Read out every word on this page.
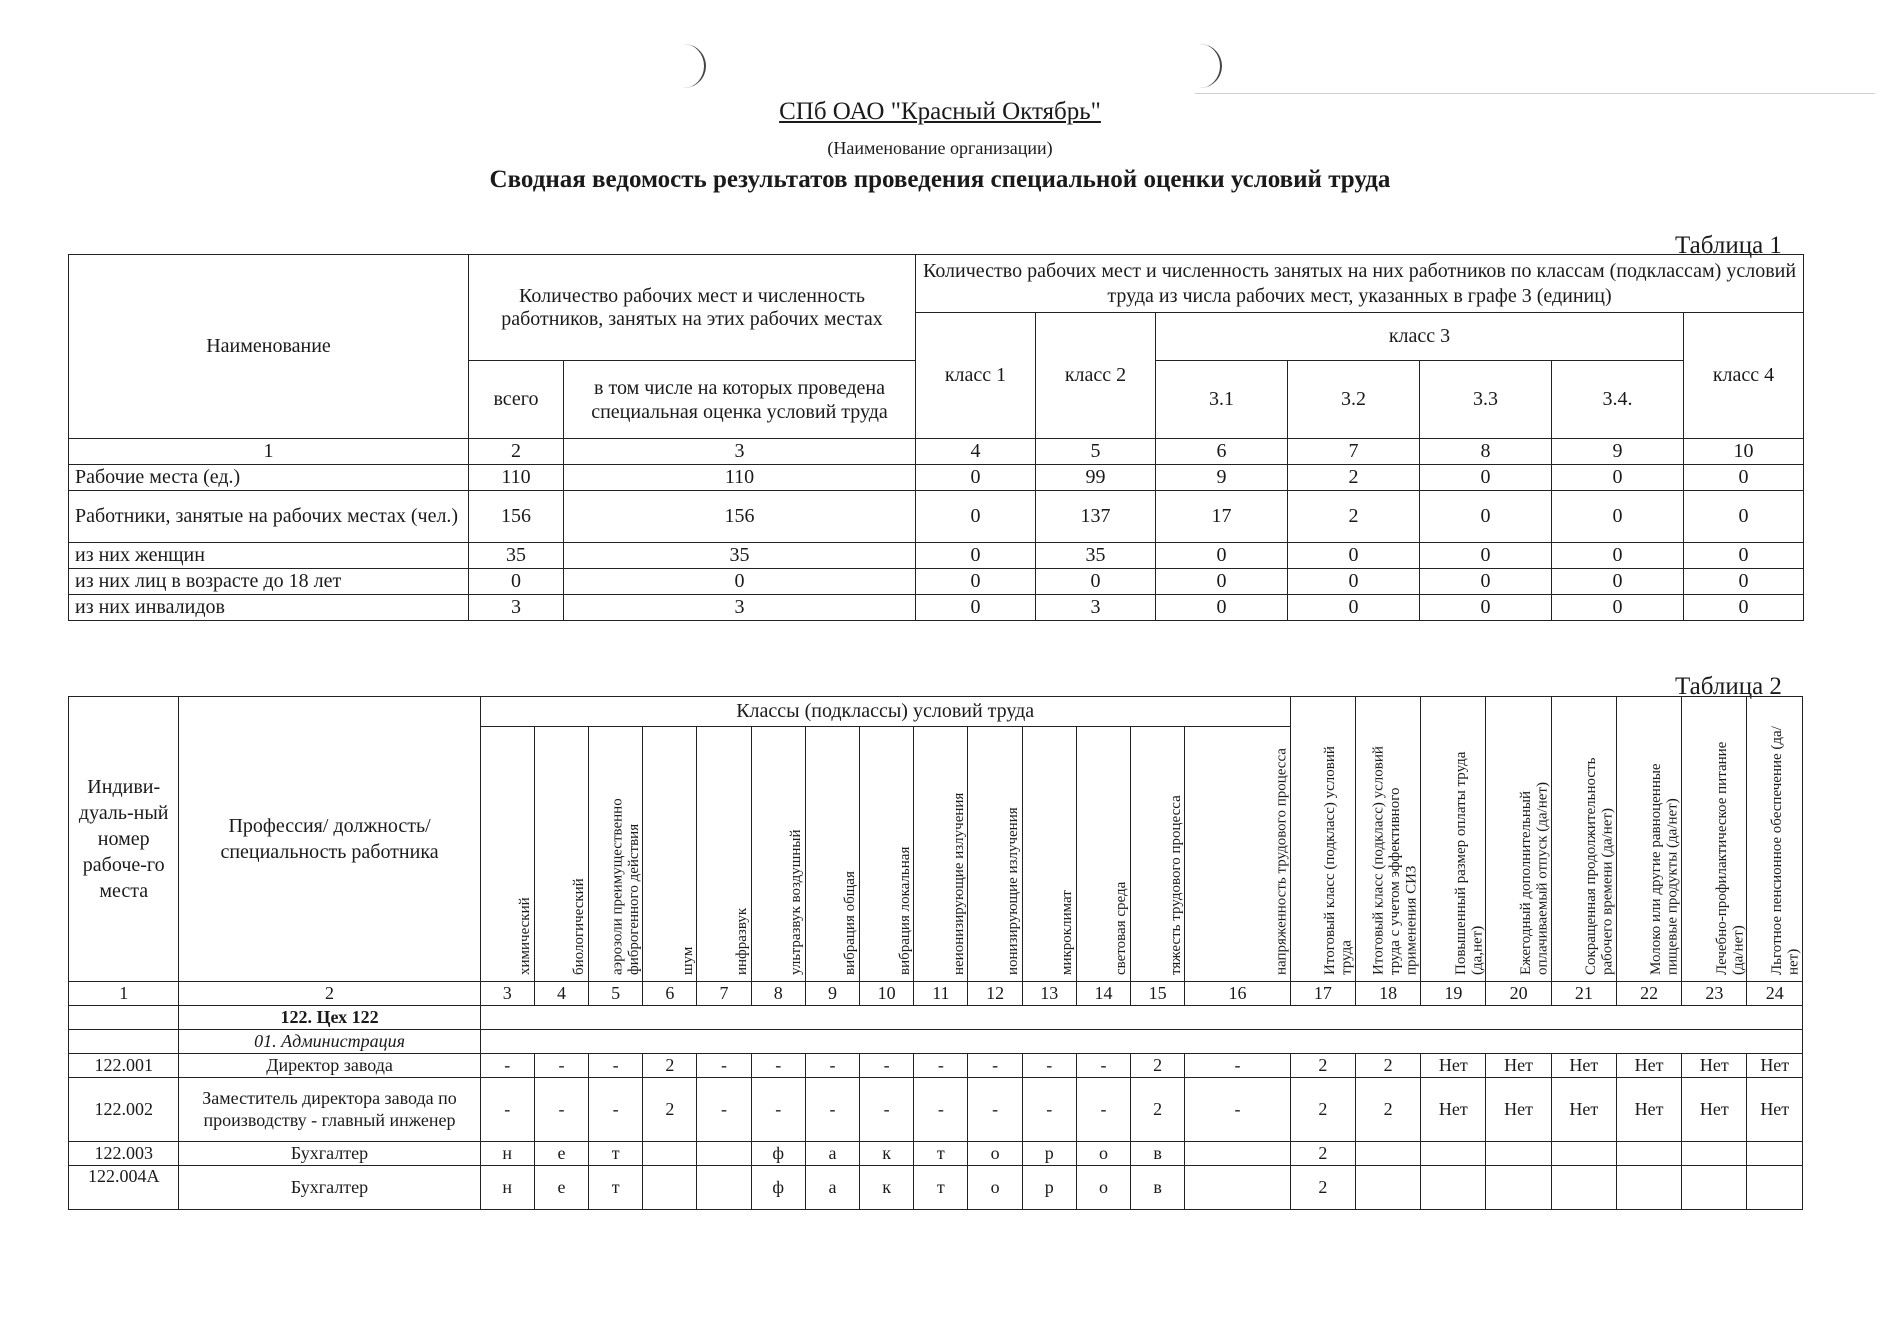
СПб ОАО "Красный Октябрь"
(Наименование организации)
Сводная ведомость результатов проведения специальной оценки условий труда
Таблица 1
Наименование	Количество рабочих мест и численность работников, занятых на этих рабочих местах		Количество рабочих мест и численность занятых на них работников по классам (подклассам) условий труда из числа рабочих мест, указанных в графе 3 (единиц)						
			класс 1	класс 2	класс 3				класс 4
	всего	в том числе на которых проведена специальная оценка условий труда			3.1	3.2	3.3	3.4.	
1	2	3	4	5	6	7	8	9	10
Рабочие места (ед.)	110	110	0	99	9	2	0	0	0
Работники, занятые на рабочих местах (чел.)	156	156	0	137	17	2	0	0	0
из них женщин	35	35	0	35	0	0	0	0	0
из них лиц в возрасте до 18 лет	0	0	0	0	0	0	0	0	0
из них инвалидов	3	3	0	3	0	0	0	0	0
Таблица 2
Индиви-дуаль-ный номер рабоче-го места	Профессия/ должность/ специальность работника	Классы (подклассы) условий труда														Итоговый класс (подкласс) условий труда	Итоговый класс (подкласс) условий труда с учетом эффективного применения СИЗ	Повышенный размер оплаты труда (да,нет)	Ежегодный дополнительный оплачиваемый отпуск (да/нет)	Сокращенная продолжительность рабочего времени (да/нет)	Молоко или другие равноценные пищевые продукты (да/нет)	Лечебно-профилактическое питание (да/нет)	Льготное пенсионное обеспечение (да/нет)
		химический	биологический	аэрозоли преимущественно фиброгенного действия	шум	инфразвук	ультразвук воздушный	вибрация общая	вибрация локальная	неионизирующие излучения	ионизирующие излучения	микроклимат	световая среда	тяжесть трудового процесса	напряженность трудового процесса								
1	2	3	4	5	6	7	8	9	10	11	12	13	14	15	16	17	18	19	20	21	22	23	24
	122. Цех 122																						
	01. Администрация																						
122.001	Директор завода	-	-	-	2	-	-	-	-	-	-	-	-	2	-	2	2	Нет	Нет	Нет	Нет	Нет	Нет
122.002	Заместитель директора завода по производству - главный инженер	-	-	-	2	-	-	-	-	-	-	-	-	2	-	2	2	Нет	Нет	Нет	Нет	Нет	Нет
122.003	Бухгалтер	н	е	т			ф	а	к	т	о	р	о	в		2							
122.004А	Бухгалтер	н	е	т			ф	а	к	т	о	р	о	в		2							
